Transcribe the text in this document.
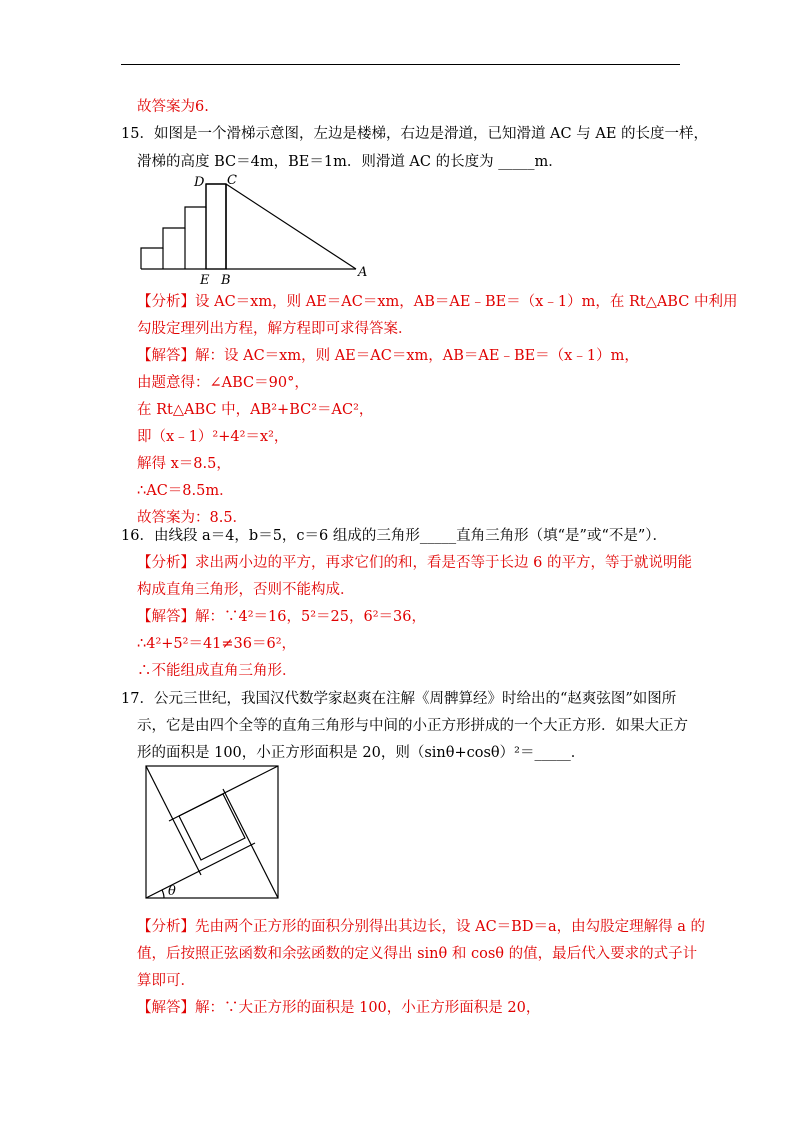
故答案为6.
15．如图是一个滑梯示意图，左边是楼梯，右边是滑道，已知滑道 AC 与 AE 的长度一样，
滑梯的高度 BC＝4m，BE＝1m．则滑道 AC 的长度为 _____m．
D C
E B
A
【分析】设 AC＝xm，则 AE＝AC＝xm，AB＝AE﹣BE＝（x﹣1）m，在 Rt△ABC 中利用
勾股定理列出方程，解方程即可求得答案．
【解答】解：设 AC＝xm，则 AE＝AC＝xm，AB＝AE﹣BE＝（x﹣1）m，
由题意得：∠ABC＝90°，
在 Rt△ABC 中，AB²+BC²＝AC²，
即（x﹣1）²+4²＝x²，
解得 x＝8.5，
∴AC＝8.5m．
故答案为：8.5．
16．由线段 a＝4，b＝5，c＝6 组成的三角形_____直角三角形（填“是”或“不是”）．
【分析】求出两小边的平方，再求它们的和，看是否等于长边 6 的平方，等于就说明能
构成直角三角形，否则不能构成．
【解答】解：∵4²＝16，5²＝25，6²＝36，
∴4²+5²＝41≠36＝6²，
∴不能组成直角三角形．
17．公元三世纪，我国汉代数学家赵爽在注解《周髀算经》时给出的“赵爽弦图”如图所
示，它是由四个全等的直角三角形与中间的小正方形拼成的一个大正方形．如果大正方
形的面积是 100，小正方形面积是 20，则（sinθ+cosθ）²＝_____．
θ
【分析】先由两个正方形的面积分别得出其边长，设 AC＝BD＝a，由勾股定理解得 a 的
值，后按照正弦函数和余弦函数的定义得出 sinθ 和 cosθ 的值，最后代入要求的式子计
算即可．
【解答】解：∵大正方形的面积是 100，小正方形面积是 20，
